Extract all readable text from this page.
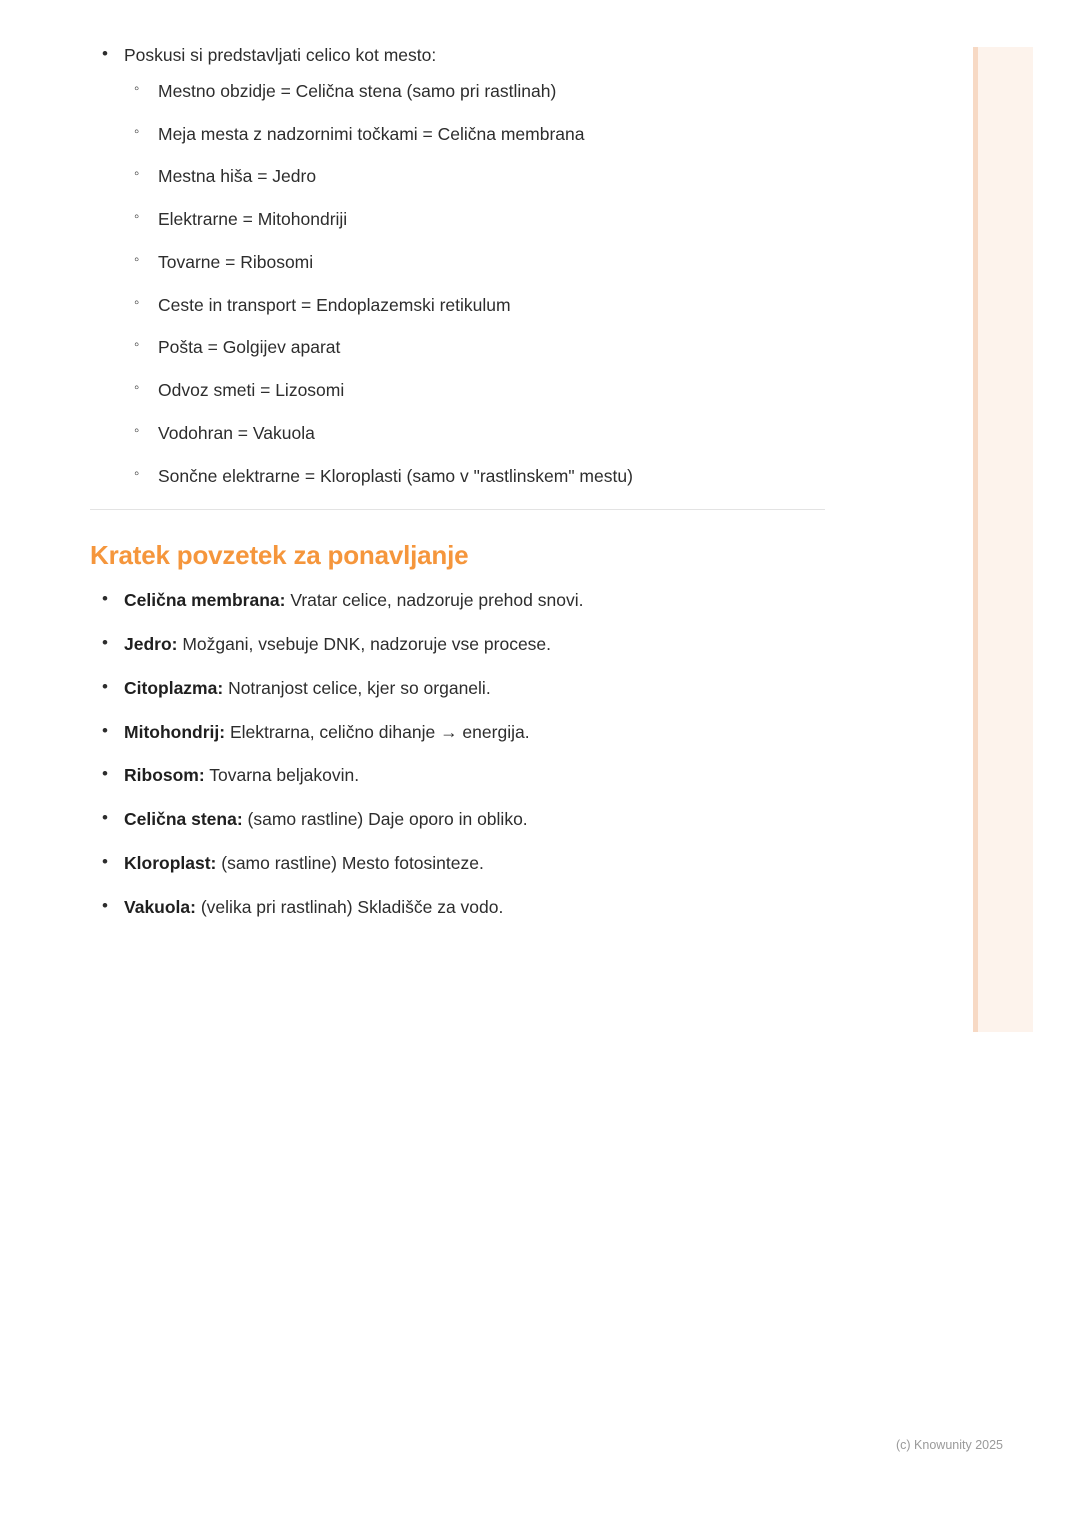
• Poskusi si predstavljati celico kot mesto:
◦ Mestno obzidje = Celična stena (samo pri rastlinah)
◦ Meja mesta z nadzornimi točkami = Celična membrana
◦ Mestna hiša = Jedro
◦ Elektrarne = Mitohondriji
◦ Tovarne = Ribosomi
◦ Ceste in transport = Endoplazemski retikulum
◦ Pošta = Golgijev aparat
◦ Odvoz smeti = Lizosomi
◦ Vodohran = Vakuola
◦ Sončne elektrarne = Kloroplasti (samo v "rastlinskem" mestu)
Kratek povzetek za ponavljanje
• Celična membrana: Vratar celice, nadzoruje prehod snovi.
• Jedro: Možgani, vsebuje DNK, nadzoruje vse procese.
• Citoplazma: Notranjost celice, kjer so organeli.
• Mitohondrij: Elektrarna, celično dihanje → energija.
• Ribosom: Tovarna beljakovin.
• Celična stena: (samo rastline) Daje oporo in obliko.
• Kloroplast: (samo rastline) Mesto fotosinteze.
• Vakuola: (velika pri rastlinah) Skladišče za vodo.
(c) Knowunity 2025
